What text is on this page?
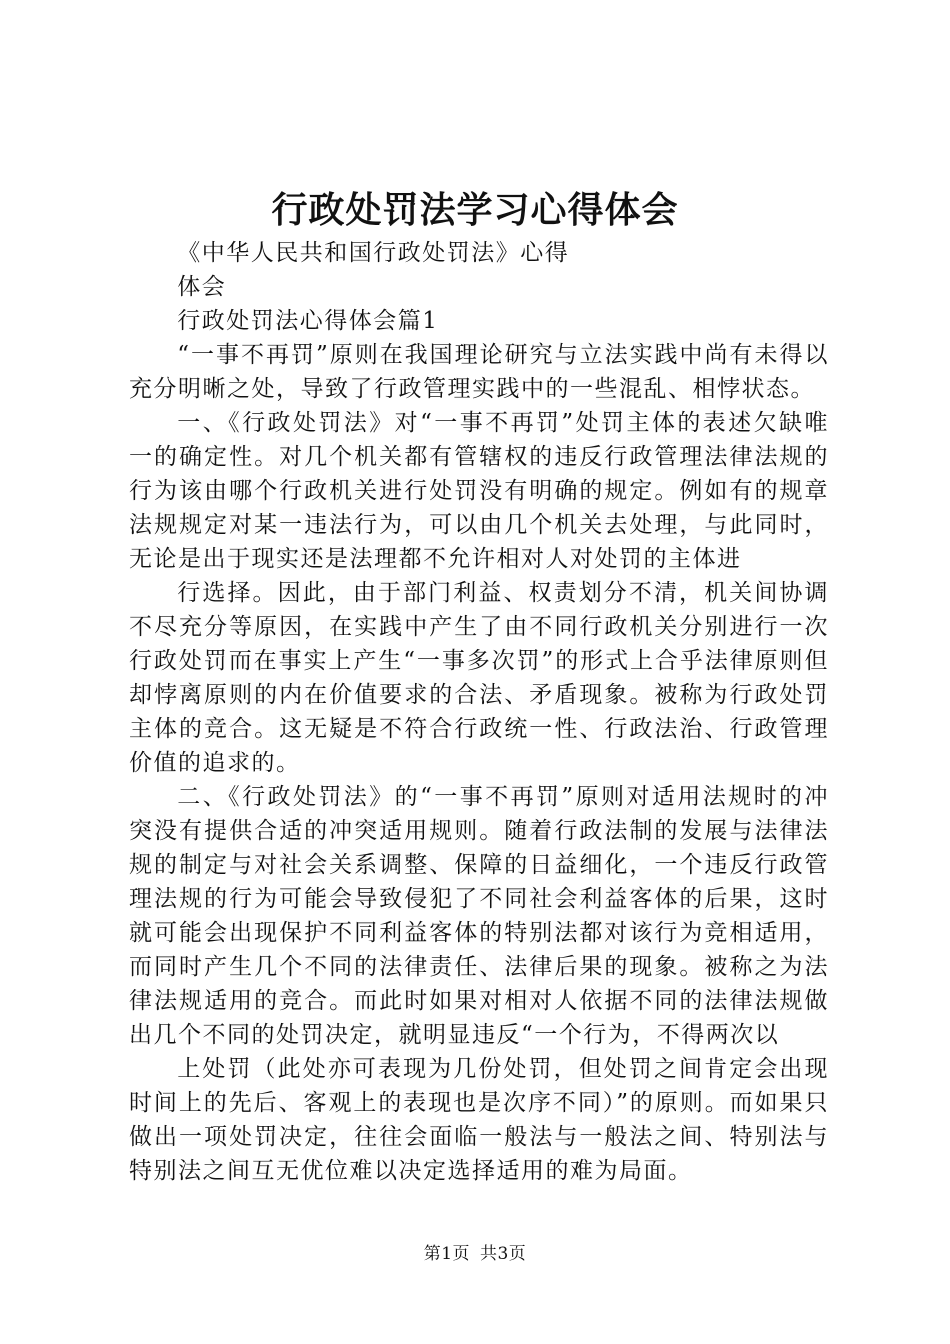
行政处罚法学习心得体会

《中华人民共和国行政处罚法》心得

体会

行政处罚法心得体会篇1

“一事不再罚”原则在我国理论研究与立法实践中尚有未得以充分明晰之处，导致了行政管理实践中的一些混乱、相悖状态。

一、《行政处罚法》对“一事不再罚”处罚主体的表述欠缺唯一的确定性。对几个机关都有管辖权的违反行政管理法律法规的行为该由哪个行政机关进行处罚没有明确的规定。例如有的规章法规规定对某一违法行为，可以由几个机关去处理，与此同时，无论是出于现实还是法理都不允许相对人对处罚的主体进

行选择。因此，由于部门利益、权责划分不清，机关间协调不尽充分等原因，在实践中产生了由不同行政机关分别进行一次行政处罚而在事实上产生“一事多次罚”的形式上合乎法律原则但却悖离原则的内在价值要求的合法、矛盾现象。被称为行政处罚主体的竞合。这无疑是不符合行政统一性、行政法治、行政管理价值的追求的。

二、《行政处罚法》的“一事不再罚”原则对适用法规时的冲突没有提供合适的冲突适用规则。随着行政法制的发展与法律法规的制定与对社会关系调整、保障的日益细化，一个违反行政管理法规的行为可能会导致侵犯了不同社会利益客体的后果，这时就可能会出现保护不同利益客体的特别法都对该行为竞相适用，而同时产生几个不同的法律责任、法律后果的现象。被称之为法律法规适用的竞合。而此时如果对相对人依据不同的法律法规做出几个不同的处罚决定，就明显违反“一个行为，不得两次以

上处罚（此处亦可表现为几份处罚，但处罚之间肯定会出现时间上的先后、客观上的表现也是次序不同）”的原则。而如果只做出一项处罚决定，往往会面临一般法与一般法之间、特别法与特别法之间互无优位难以决定选择适用的难为局面。

第1页 共3页
